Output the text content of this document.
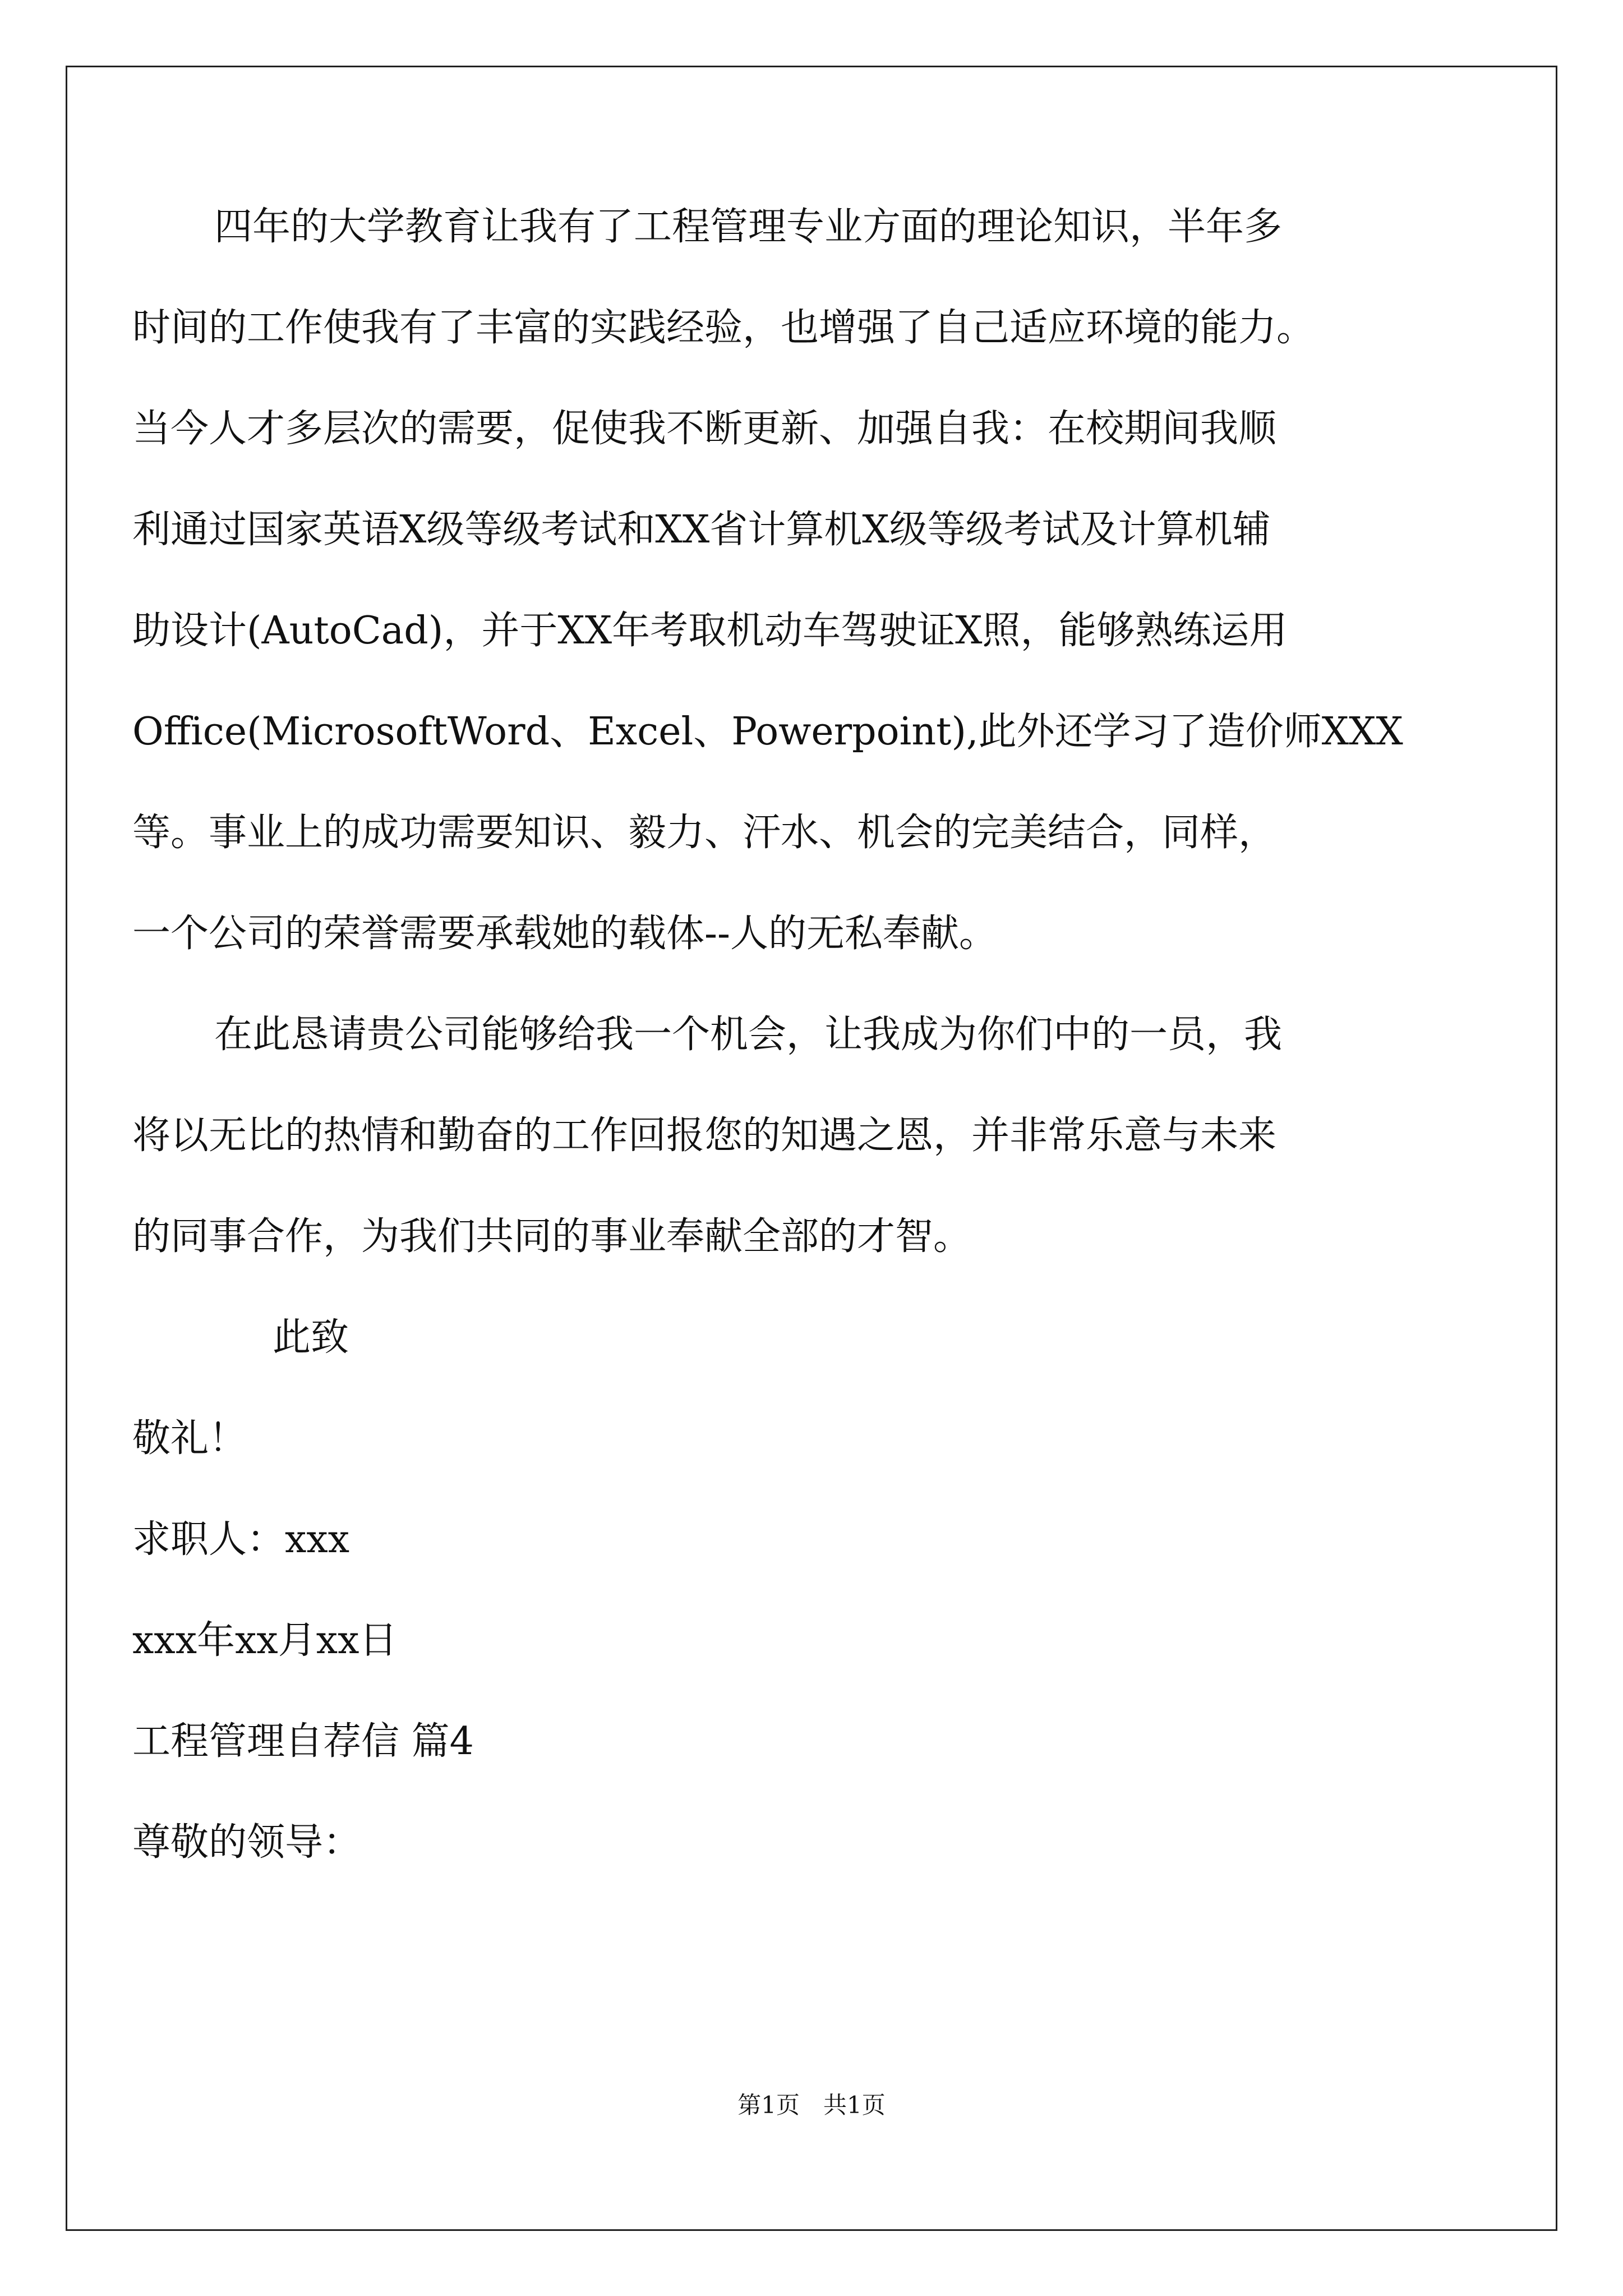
四年的大学教育让我有了工程管理专业方面的理论知识，半年多
时间的工作使我有了丰富的实践经验，也增强了自己适应环境的能力。
当今人才多层次的需要，促使我不断更新、加强自我：在校期间我顺
利通过国家英语X级等级考试和XX省计算机X级等级考试及计算机辅
助设计(AutoCad)，并于XX年考取机动车驾驶证X照，能够熟练运用
Office(MicrosoftWord、Excel、Powerpoint),此外还学习了造价师XXX
等。事业上的成功需要知识、毅力、汗水、机会的完美结合，同样，
一个公司的荣誉需要承载她的载体--人的无私奉献。
在此恳请贵公司能够给我一个机会，让我成为你们中的一员，我
将以无比的热情和勤奋的工作回报您的知遇之恩，并非常乐意与未来
的同事合作，为我们共同的事业奉献全部的才智。
此致
敬礼！
求职人：xxx
xxx年xx月xx日
工程管理自荐信 篇4
尊敬的领导：
第1页　共1页
